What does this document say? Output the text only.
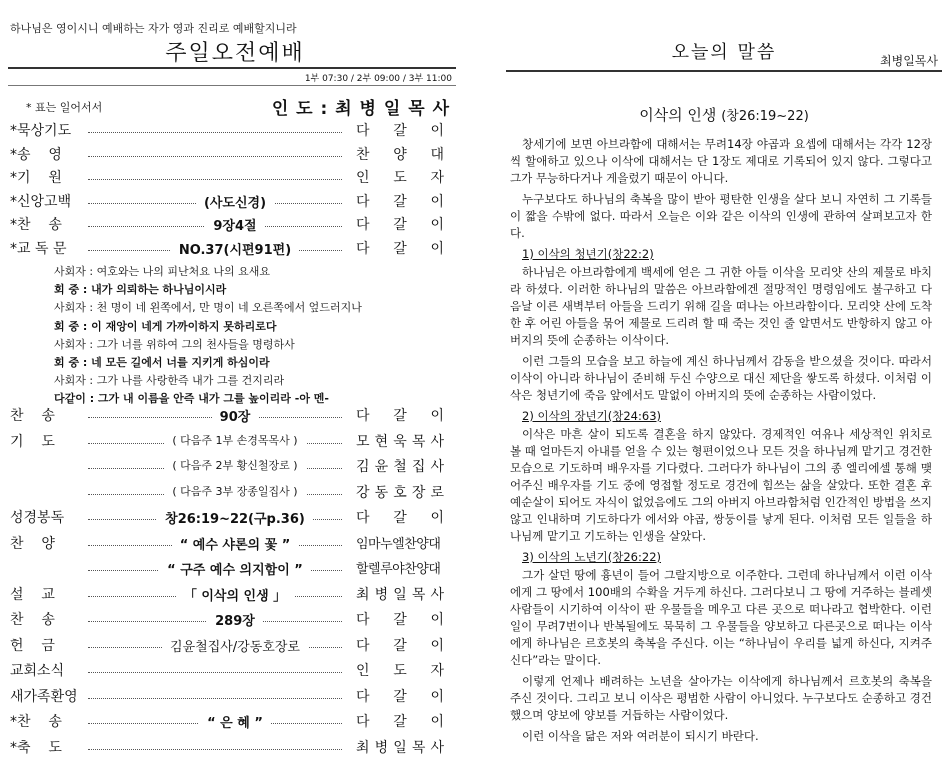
하나님은 영이시니 예배하는 자가 영과 진리로 예배할지니라
주일오전예배
1부 07:30 / 2부 09:00 / 3부 11:00
* 표는 일어서서	인 도 : 최 병 일 목 사
*묵상기도	다 갈 이
*송    영	찬 양 대
*기    원	인 도 자
*신앙고백	(사도신경)	다 갈 이
*찬    송	9장4절	다 갈 이
*교 독 문	NO.37(시편91편)	다 갈 이
사회자 : 여호와는 나의 피난처요 나의 요새요
회 중 : 내가 의뢰하는 하나님이시라
사회자 : 천 명이 네 왼쪽에서, 만 명이 네 오른쪽에서 엎드러지나
회 중 : 이 재앙이 네게 가까이하지 못하리로다
사회자 : 그가 너를 위하여 그의 천사들을 명령하사
회 중 : 네 모든 길에서 너를 지키게 하심이라
사회자 : 그가 나를 사랑한즉 내가 그를 건지리라
다같이 : 그가 내 이름을 안즉 내가 그를 높이리라 -아 멘-
찬    송	90장	다 갈 이
기    도	( 다음주 1부 손경목목사 )	모 현 욱 목 사
( 다음주 2부 황신철장로 )	김 윤 철 집 사
( 다음주 3부 장종일집사 )	강 동 호 장 로
성경봉독	창26:19~22(구p.36)	다 갈 이
찬    양	“ 예수 샤론의 꽃 ”	임마누엘찬양대
“ 구주 예수 의지함이 ”	할렐루야찬양대
설    교	「 이삭의 인생 」	최 병 일 목 사
찬    송	289장	다 갈 이
헌    금	김윤철집사/강동호장로	다 갈 이
교회소식	인 도 자
새가족환영	다 갈 이
*찬    송	“ 은 혜 ”	다 갈 이
*축    도	최 병 일 목 사
오늘의 말씀	최병일목사
이삭의 인생 (창26:19~22)

창세기에 보면 아브라함에 대해서는 무려14장 야곱과 요셉에 대해서는 각각 12장씩 할애하고 있으나 이삭에 대해서는 단 1장도 제대로 기록되어 있지 않다. 그렇다고 그가 무능하다거나 게을렀기 때문이 아니다.

누구보다도 하나님의 축복을 많이 받아 평탄한 인생을 살다 보니 자연히 그 기록들이 짧을 수밖에 없다. 따라서 오늘은 이와 같은 이삭의 인생에 관하여 살펴보고자 한다.

1) 이삭의 청년기(창22:2)

하나님은 아브라함에게 백세에 얻은 그 귀한 아들 이삭을 모리얏 산의 제물로 바치라 하셨다. 이러한 하나님의 말씀은 아브라함에겐 절망적인 명령임에도 불구하고 다음날 이른 새벽부터 아들을 드리기 위해 길을 떠나는 아브라함이다. 모리얏 산에 도착한 후 어린 아들을 묶어 제물로 드리려 할 때 죽는 것인 줄 알면서도 반항하지 않고 아버지의 뜻에 순종하는 이삭이다.

이런 그들의 모습을 보고 하늘에 계신 하나님께서 감동을 받으셨을 것이다. 따라서 이삭이 아니라 하나님이 준비해 두신 수양으로 대신 제단을 쌓도록 하셨다. 이처럼 이삭은 청년기에 죽음 앞에서도 말없이 아버지의 뜻에 순종하는 사람이었다.

2) 이삭의 장년기(창24:63)

이삭은 마흔 살이 되도록 결혼을 하지 않았다. 경제적인 여유나 세상적인 위치로 볼 때 얼마든지 아내를 얻을 수 있는 형편이었으나 모든 것을 하나님께 맡기고 경건한 모습으로 기도하며 배우자를 기다렸다. 그러다가 하나님이 그의 종 엘리에셀 통해 맺어주신 배우자를 기도 중에 영접할 정도로 경건에 힘쓰는 삶을 살았다. 또한 결혼 후 예순살이 되어도 자식이 없었음에도 그의 아버지 아브라함처럼 인간적인 방법을 쓰지 않고 인내하며 기도하다가 에서와 야곱, 쌍둥이를 낳게 된다. 이처럼 모든 일들을 하나님께 맡기고 기도하는 인생을 살았다.

3) 이삭의 노년기(창26:22)

그가 살던 땅에 흉년이 들어 그랄지방으로 이주한다. 그런데 하나님께서 이런 이삭에게 그 땅에서 100배의 수확을 거두게 하신다. 그러다보니 그 땅에 거주하는 블레셋 사람들이 시기하여 이삭이 판 우물들을 메우고 다른 곳으로 떠나라고 협박한다. 이런일이 무려7번이나 반복될에도 묵묵히 그 우물들을 양보하고 다른곳으로 떠나는 이삭에게 하나님은 르호봇의 축복을 주신다. 이는 “하나님이 우리를 넓게 하신다, 지켜주신다”라는 말이다.

이렇게 언제나 배려하는 노년을 살아가는 이삭에게 하나님께서 르호봇의 축복을 주신 것이다. 그리고 보니 이삭은 평범한 사람이 아니었다. 누구보다도 순종하고 경건했으며 양보에 양보를 거듭하는 사람이었다.

이런 이삭을 닮은 저와 여러분이 되시기 바란다.
